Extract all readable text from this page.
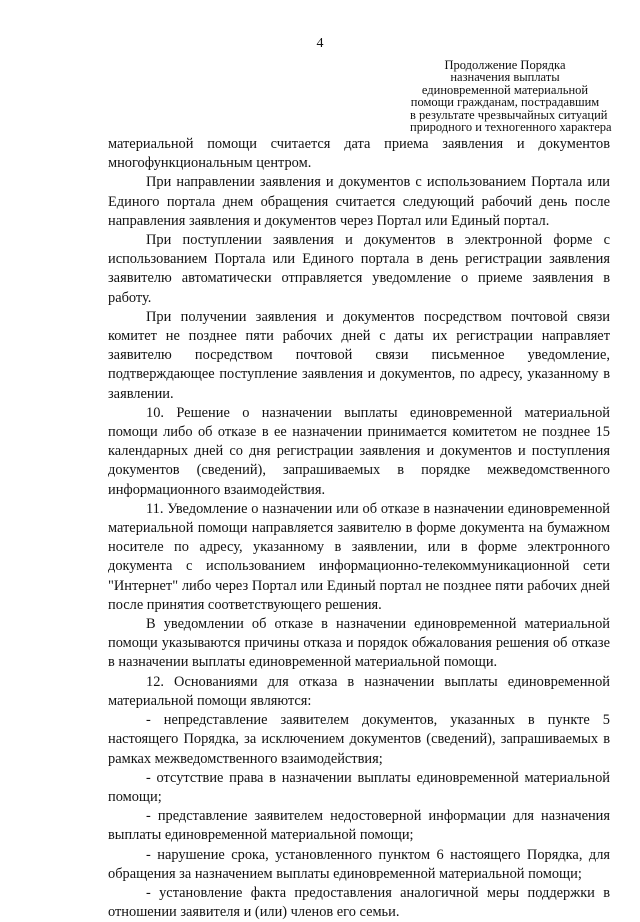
4
Продолжение Порядка
назначения выплаты
единовременной материальной
помощи гражданам, пострадавшим
в результате чрезвычайных ситуаций
природного и техногенного характера

материальной помощи считается дата приема заявления и документов многофункциональным центром.

При направлении заявления и документов с использованием Портала или Единого портала днем обращения считается следующий рабочий день после направления заявления и документов через Портал или Единый портал.

При поступлении заявления и документов в электронной форме с использованием Портала или Единого портала в день регистрации заявления заявителю автоматически отправляется уведомление о приеме заявления в работу.

При получении заявления и документов посредством почтовой связи комитет не позднее пяти рабочих дней с даты их регистрации направляет заявителю посредством почтовой связи письменное уведомление, подтверждающее поступление заявления и документов, по адресу, указанному в заявлении.

10. Решение о назначении выплаты единовременной материальной помощи либо об отказе в ее назначении принимается комитетом не позднее 15 календарных дней со дня регистрации заявления и документов и поступления документов (сведений), запрашиваемых в порядке межведомственного информационного взаимодействия.

11. Уведомление о назначении или об отказе в назначении единовременной материальной помощи направляется заявителю в форме документа на бумажном носителе по адресу, указанному в заявлении, или в форме электронного документа с использованием информационно-телекоммуникационной сети "Интернет" либо через Портал или Единый портал не позднее пяти рабочих дней после принятия соответствующего решения.

В уведомлении об отказе в назначении единовременной материальной помощи указываются причины отказа и порядок обжалования решения об отказе в назначении выплаты единовременной материальной помощи.

12. Основаниями для отказа в назначении выплаты единовременной материальной помощи являются:

- непредставление заявителем документов, указанных в пункте 5 настоящего Порядка, за исключением документов (сведений), запрашиваемых в рамках межведомственного взаимодействия;

- отсутствие права в назначении выплаты единовременной материальной помощи;

- представление заявителем недостоверной информации для назначения выплаты единовременной материальной помощи;

- нарушение срока, установленного пунктом 6 настоящего Порядка, для обращения за назначением выплаты единовременной материальной помощи;

- установление факта предоставления аналогичной меры поддержки в отношении заявителя и (или) членов его семьи.
